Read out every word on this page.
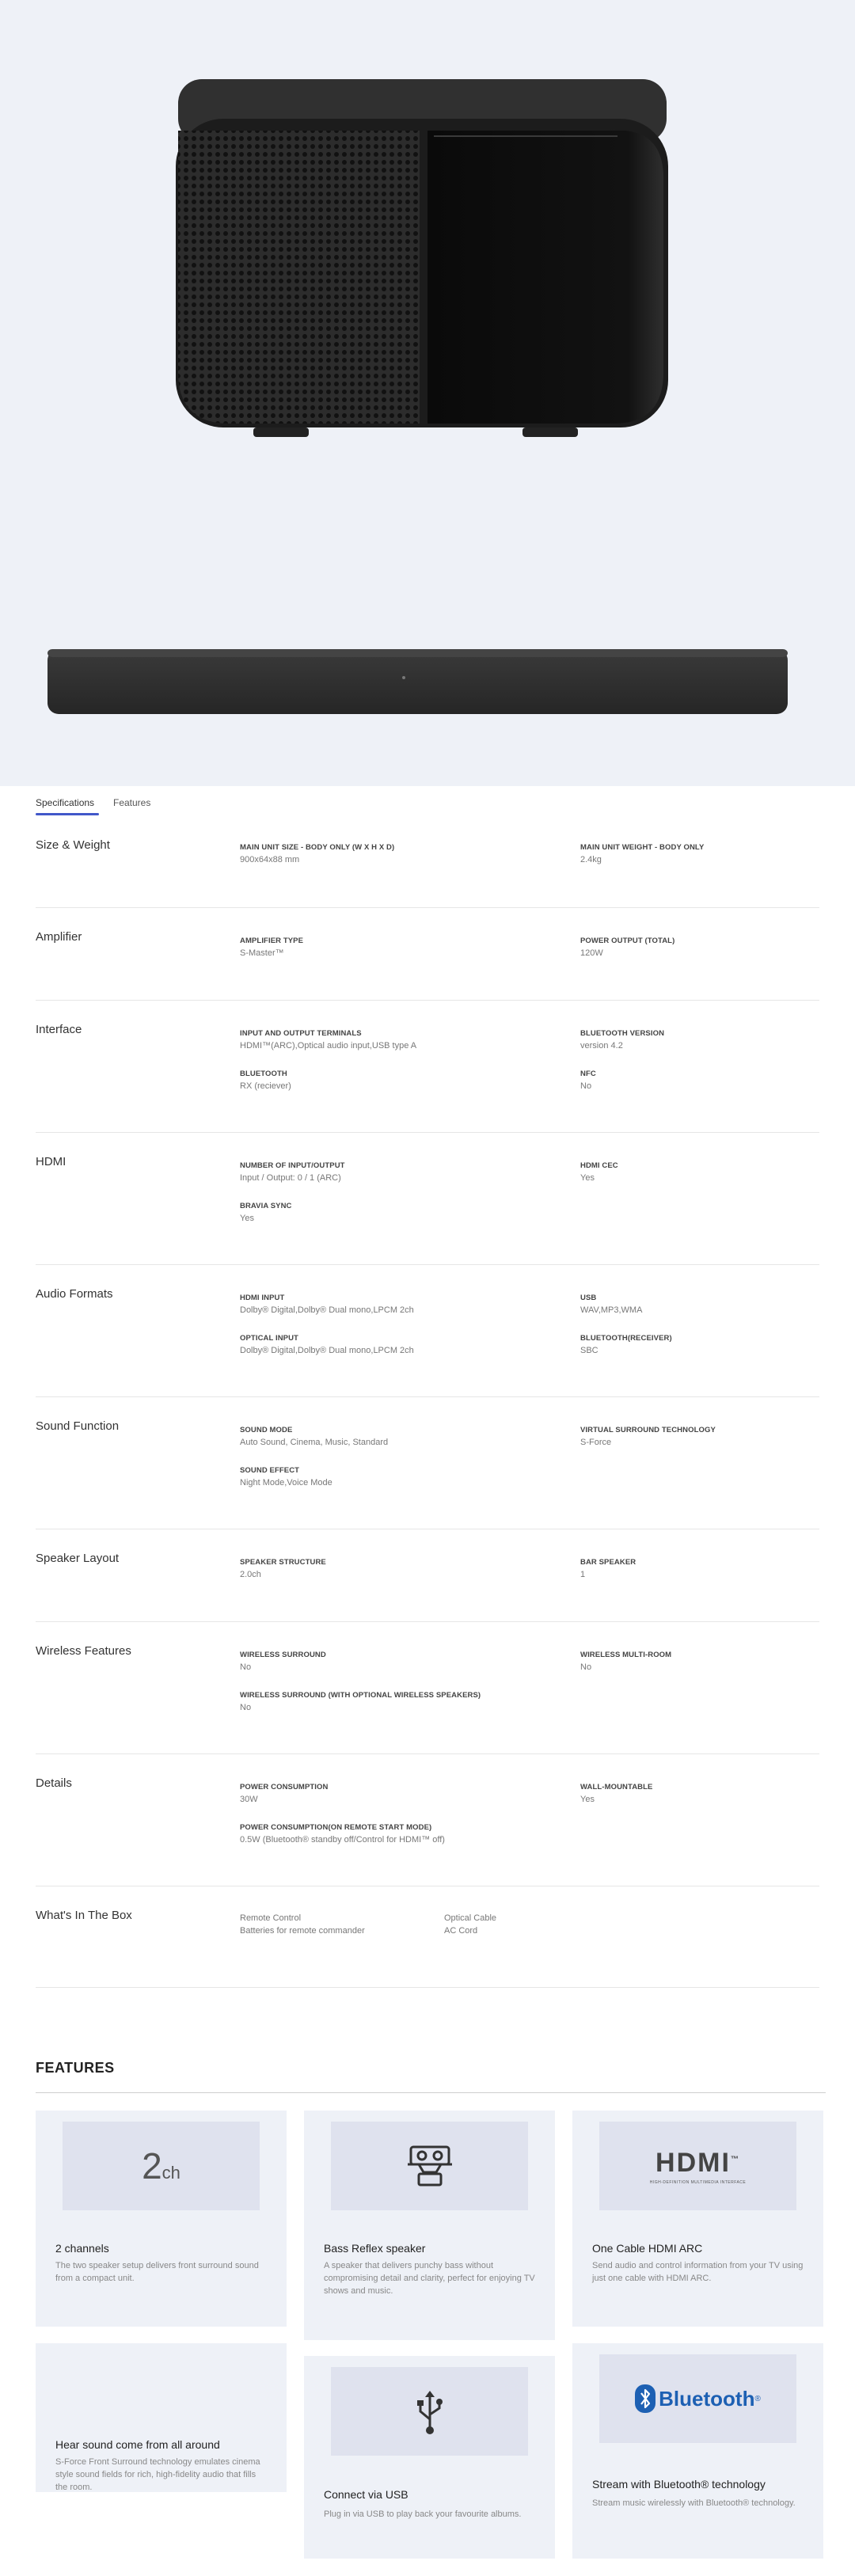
Specifications Features
Size & Weight	MAIN UNIT SIZE - BODY ONLY (W X H X D)
900x64x88 mm
MAIN UNIT WEIGHT - BODY ONLY
2.4kg
Amplifier	AMPLIFIER TYPE
S-Master™
POWER OUTPUT (TOTAL)
120W
Interface	INPUT AND OUTPUT TERMINALS
HDMI™(ARC),Optical audio input,USB type A
BLUETOOTH VERSION
version 4.2
BLUETOOTH
RX (reciever)
NFC
No
HDMI	NUMBER OF INPUT/OUTPUT
Input / Output: 0 / 1 (ARC)
HDMI CEC
Yes
BRAVIA SYNC
Yes
Audio Formats	HDMI INPUT
Dolby® Digital,Dolby® Dual mono,LPCM 2ch
USB
WAV,MP3,WMA
OPTICAL INPUT
Dolby® Digital,Dolby® Dual mono,LPCM 2ch
BLUETOOTH(RECEIVER)
SBC
Sound Function	SOUND MODE
Auto Sound, Cinema, Music, Standard
VIRTUAL SURROUND TECHNOLOGY
S-Force
SOUND EFFECT
Night Mode,Voice Mode
Speaker Layout	SPEAKER STRUCTURE
2.0ch
BAR SPEAKER
1
Wireless Features	WIRELESS SURROUND
No
WIRELESS MULTI-ROOM
No
WIRELESS SURROUND (WITH OPTIONAL WIRELESS SPEAKERS)
No
Details	POWER CONSUMPTION
30W
WALL-MOUNTABLE
Yes
POWER CONSUMPTION(ON REMOTE START MODE)
0.5W (Bluetooth® standby off/Control for HDMI™ off)
What's In The Box	Remote Control
Batteries for remote commander
Optical Cable
AC Cord
FEATURES
2ch
2 channels
The two speaker setup delivers front surround sound from a compact unit.
Bass Reflex speaker
A speaker that delivers punchy bass without compromising detail and clarity, perfect for enjoying TV shows and music.
HDMI™
HIGH-DEFINITION MULTIMEDIA INTERFACE
One Cable HDMI ARC
Send audio and control information from your TV using just one cable with HDMI ARC.
Hear sound come from all around
S-Force Front Surround technology emulates cinema style sound fields for rich, high-fidelity audio that fills the room.
Connect via USB
Plug in via USB to play back your favourite albums.
Bluetooth ®
Stream with Bluetooth® technology
Stream music wirelessly with Bluetooth® technology.
